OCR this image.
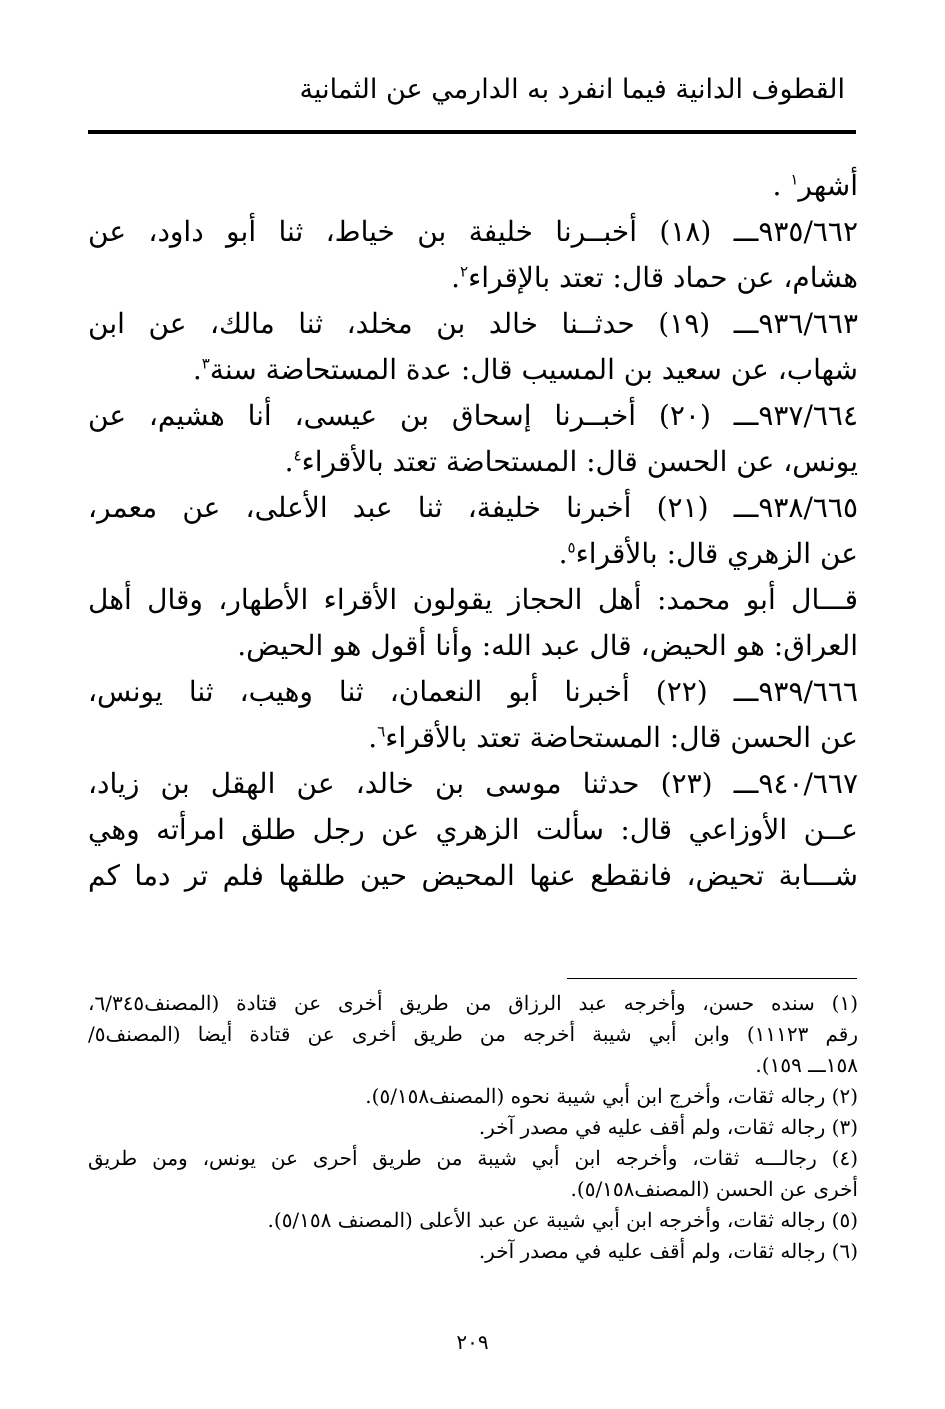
القطوف الدانية فيما انفرد به الدارمي عن الثمانية
أشهر$^١$ .
٩٣٥/٦٦٢ـــ (١٨) أخبــرنا خليفة بن خياط، ثنا أبو داود، عن
هشام، عن حماد قال: تعتد بالإقراء$^٢$.
٩٣٦/٦٦٣ـــ (١٩) حدثــنا خالد بن مخلد، ثنا مالك، عن ابن
شهاب، عن سعيد بن المسيب قال: عدة المستحاضة سنة$^٣$.
٩٣٧/٦٦٤ـــ (٢٠) أخبــرنا إسحاق بن عيسى، أنا هشيم، عن
يونس، عن الحسن قال: المستحاضة تعتد بالأقراء$^٤$.
٩٣٨/٦٦٥ـــ (٢١) أخبرنا خليفة، ثنا عبد الأعلى، عن معمر،
عن الزهري قال: بالأقراء$^٥$.
قـــال أبو محمد: أهل الحجاز يقولون الأقراء الأطهار، وقال أهل
العراق: هو الحيض، قال عبد الله: وأنا أقول هو الحيض.
٩٣٩/٦٦٦ـــ (٢٢) أخبرنا أبو النعمان، ثنا وهيب، ثنا يونس،
عن الحسن قال: المستحاضة تعتد بالأقراء$^٦$.
٩٤٠/٦٦٧ـــ (٢٣) حدثنا موسى بن خالد، عن الهقل بن زياد،
عــن الأوزاعي قال: سألت الزهري عن رجل طلق امرأته وهي
شـــابة تحيض، فانقطع عنها المحيض حين طلقها فلم تر دما كم
(١) سنده حسن، وأخرجه عبد الرزاق من طريق أخرى عن قتادة (المصنف٦/٣٤٥،
رقم ١١١٢٣) وابن أبي شيبة أخرجه من طريق أخرى عن قتادة أيضا (المصنف٥/
١٥٨ـــ ١٥٩).
(٢) رجاله ثقات، وأخرج ابن أبي شيبة نحوه (المصنف٥/١٥٨).
(٣) رجاله ثقات، ولم أقف عليه في مصدر آخر.
(٤) رجالـــه ثقات، وأخرجه ابن أبي شيبة من طريق أحرى عن يونس، ومن طريق
أخرى عن الحسن (المصنف٥/١٥٨).
(٥) رجاله ثقات، وأخرجه ابن أبي شيبة عن عبد الأعلى (المصنف ٥/١٥٨).
(٦) رجاله ثقات، ولم أقف عليه في مصدر آخر.
٢٠٩
